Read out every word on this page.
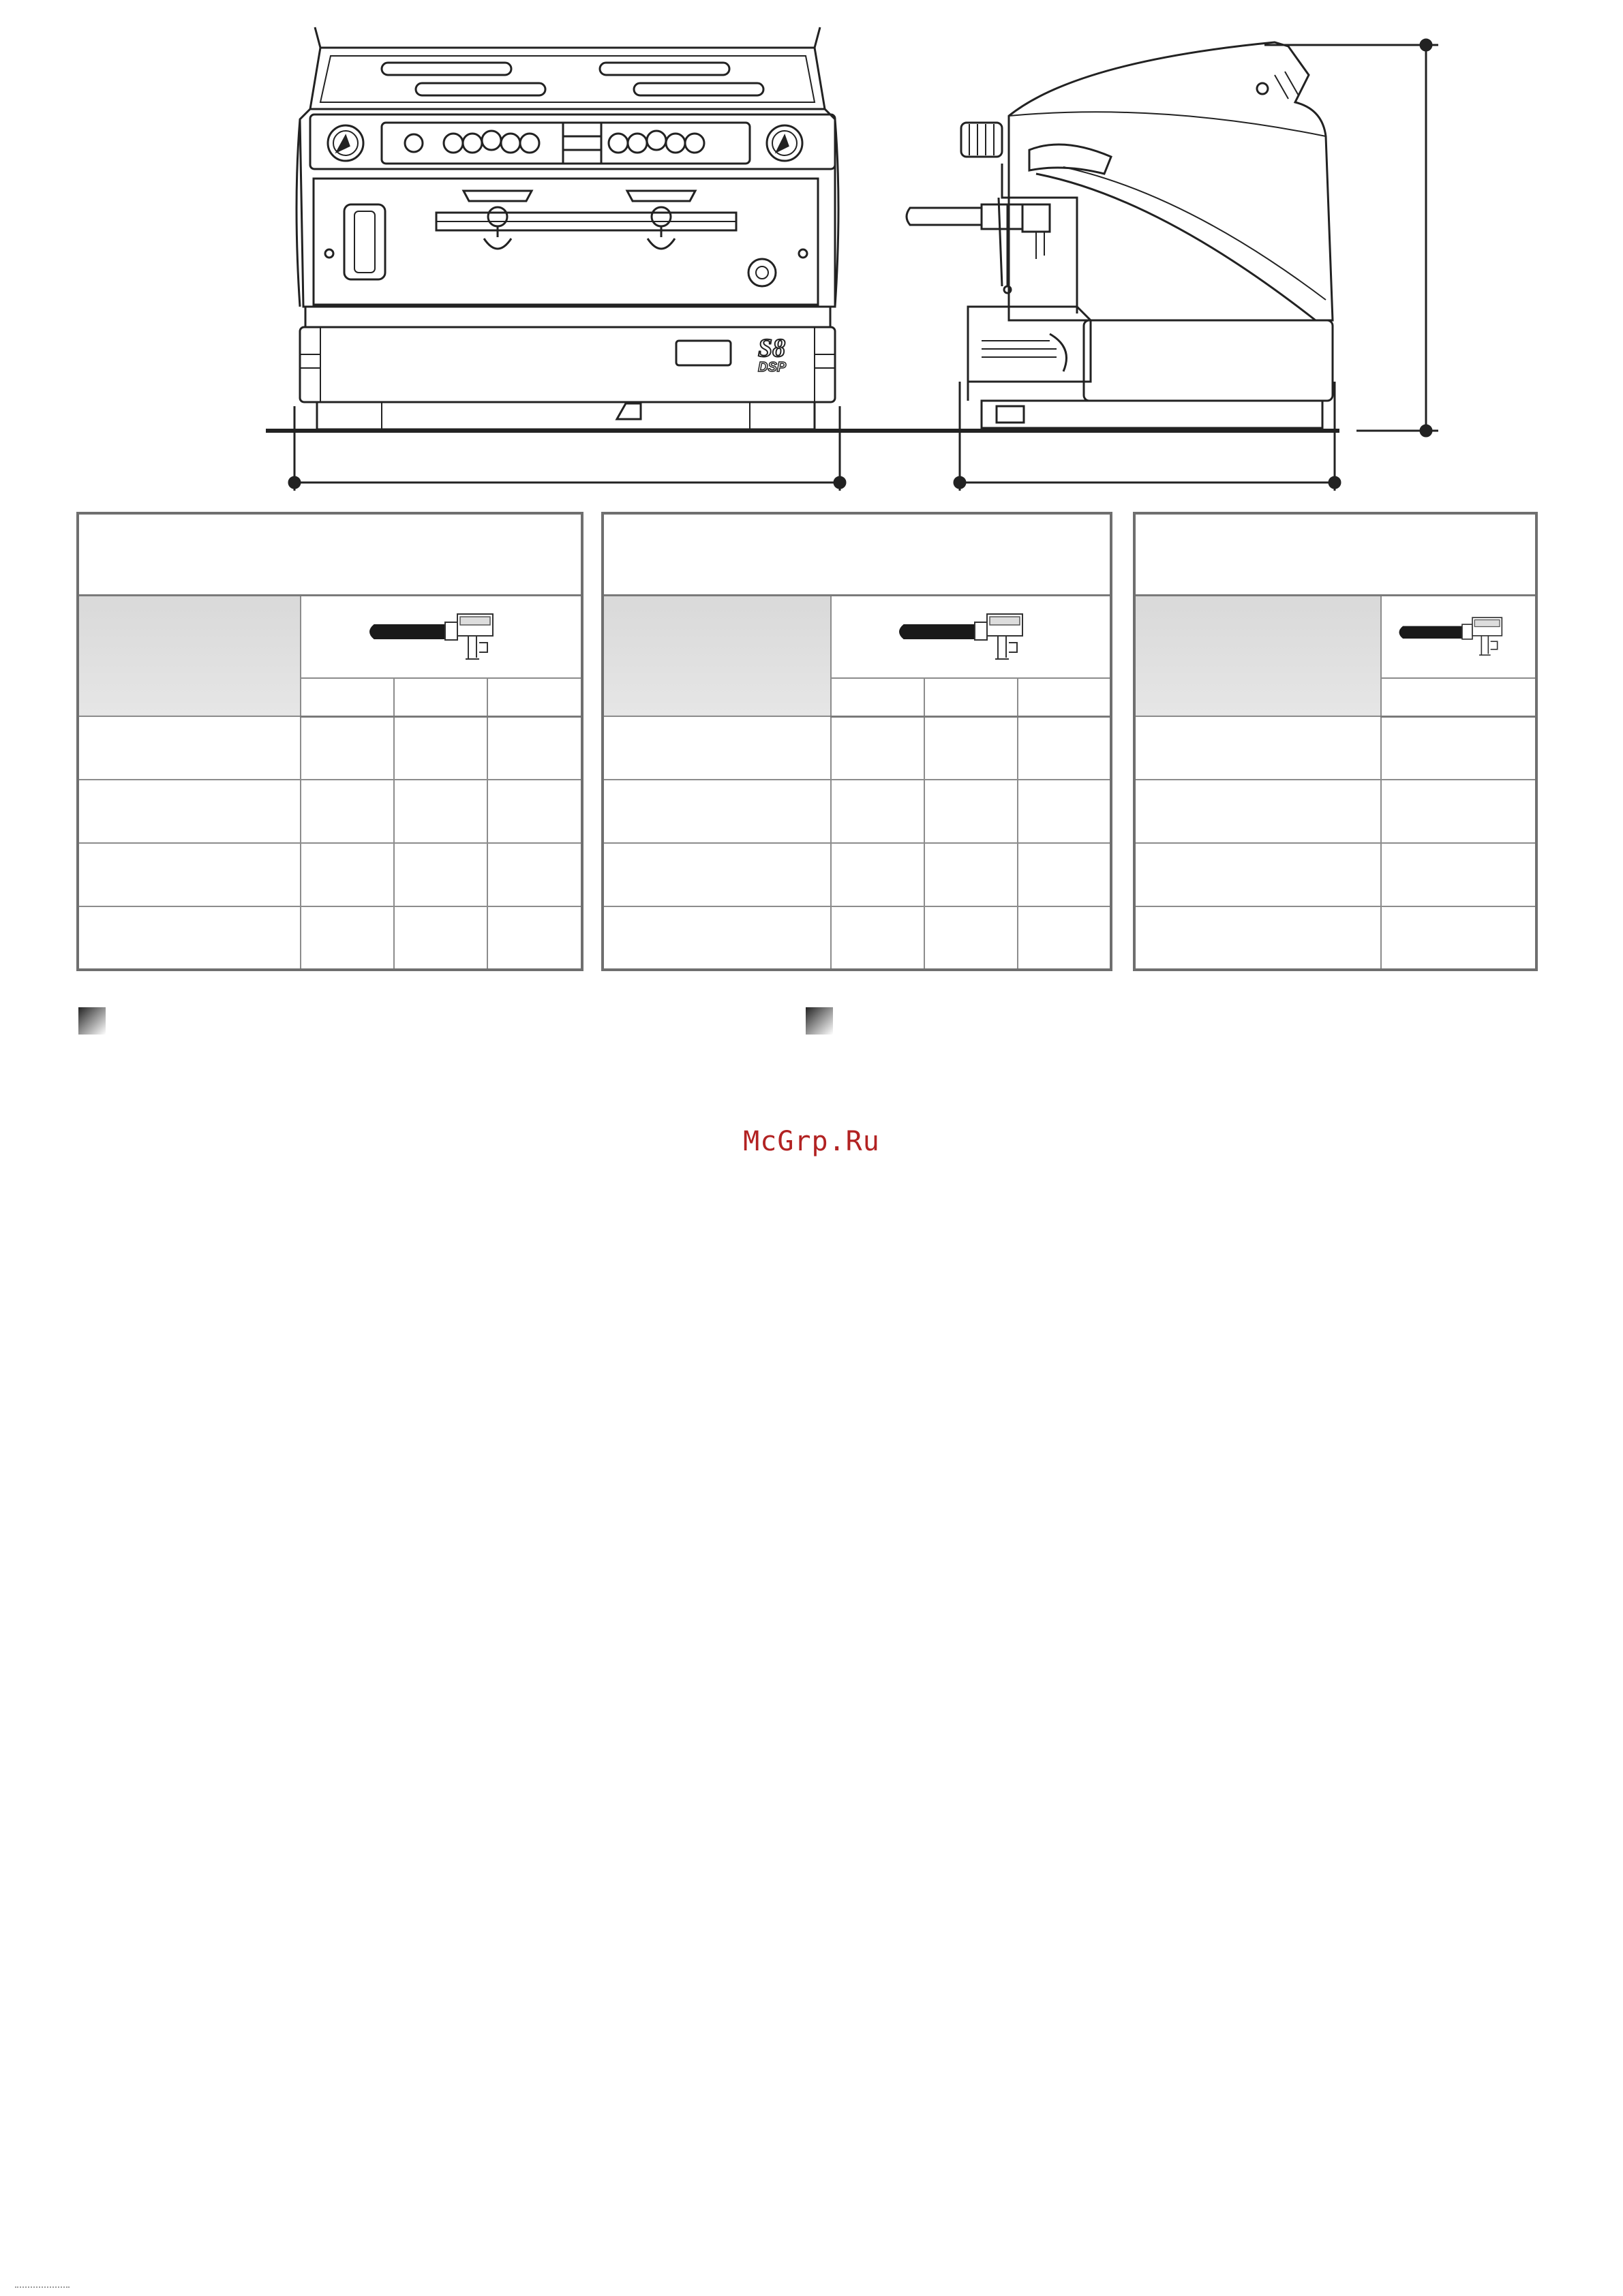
S8
DSP

McGrp.Ru
